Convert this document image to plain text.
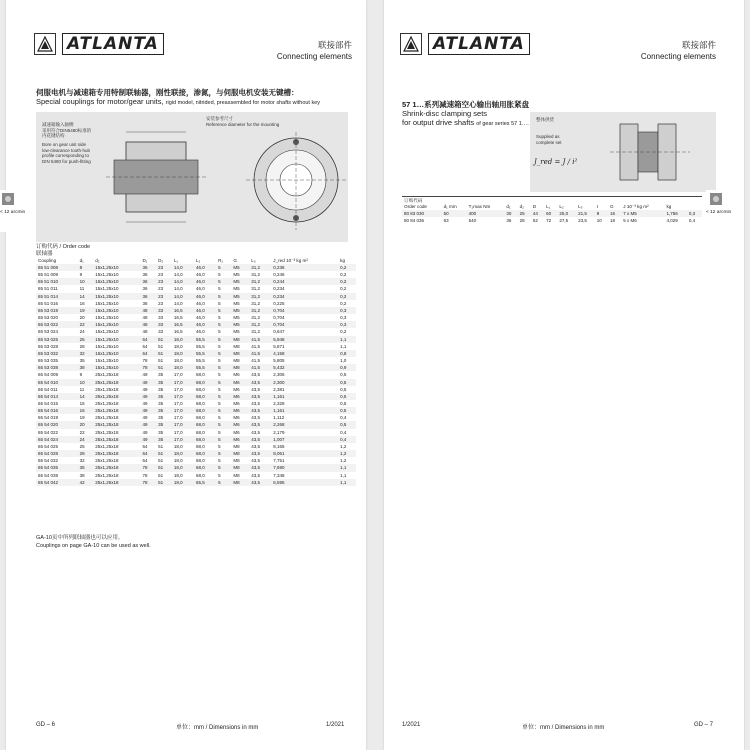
ATLANTA	联接部件
Connecting elements
伺服电机与减速箱专用特制联轴器，刚性联接，渗氮，与伺服电机安装无键槽：
Special couplings for motor/gear units, rigid model, nitrided, preassembled for motor shafts without key
减速箱输入轴侧
采用符合DIN5480标准的
内花键结构
Bore on gear unit side
low-clearance tooth-hub
profile corresponding to
DIN 5480 for push-fitting
安装参考尺寸
Reference diameter for the mounting
< 12 arcmin
订购代码 / Order code
联轴器
Coupling	d₁	d₂	D₁	D₂	L₁	L₂	R₁	G	L₃	J_red 10⁻³ kg m²	kg
65 51 008	8	15x1,25x10	36	23	14,0	46,0	5	M5	31,2	0,236	0,2
65 51 009	9	15x1,25x10	36	23	14,0	46,0	5	M5	31,2	0,246	0,2
65 51 010	10	15x1,25x10	36	23	14,0	46,0	5	M5	31,2	0,244	0,2
65 51 011	11	15x1,25x10	36	23	14,0	46,0	5	M5	31,2	0,234	0,2
65 51 014	14	15x1,25x10	36	23	14,0	46,0	5	M5	31,2	0,234	0,2
65 51 016	16	15x1,25x10	36	23	14,0	46,0	5	M5	31,2	0,225	0,2
65 53 019	19	15x1,25x10	48	33	16,5	46,0	5	M5	31,2	0,704	0,3
65 53 020	20	15x1,25x10	48	33	16,5	46,0	5	M5	31,2	0,704	0,3
65 53 022	22	15x1,25x10	48	33	16,5	46,0	5	M5	31,2	0,704	0,3
65 53 024	24	15x1,25x10	48	33	16,5	46,0	5	M5	31,2	0,647	0,2
65 53 025	25	15x1,25x10	64	51	18,0	55,5	5	M8	41,5	5,948	1,1
65 53 028	28	15x1,25x10	64	51	18,0	55,5	5	M8	41,5	5,871	1,1
65 53 032	32	15x1,25x10	64	51	18,0	55,5	5	M8	41,5	4,158	0,8
65 53 035	35	15x1,25x10	78	51	18,0	55,5	5	M8	41,5	5,805	1,0
65 53 038	38	15x1,25x10	78	51	18,0	55,5	5	M8	41,5	5,432	0,9
65 54 009	9	25x1,25x18	49	35	17,0	68,0	5	M6	43,5	2,306	0,5
65 54 010	10	25x1,25x18	49	35	17,0	68,0	5	M6	43,5	2,300	0,5
65 54 011	11	25x1,25x18	49	35	17,0	68,0	5	M6	43,5	2,381	0,5
65 54 014	14	25x1,25x18	49	35	17,0	68,0	5	M6	43,5	1,161	0,5
65 54 015	15	25x1,25x18	49	35	17,0	68,0	5	M6	43,5	2,328	0,5
65 54 016	16	25x1,25x18	49	35	17,0	68,0	5	M6	43,5	1,161	0,5
65 54 019	19	25x1,25x18	49	35	17,0	68,0	5	M6	43,5	1,112	0,4
65 54 020	20	25x1,25x18	49	35	17,0	68,0	5	M6	43,5	2,268	0,5
65 54 022	22	25x1,25x18	49	35	17,0	68,0	5	M6	43,5	2,179	0,4
65 54 024	24	25x1,25x18	49	35	17,0	68,0	5	M6	43,5	1,007	0,4
65 54 025	25	25x1,25x18	64	51	18,0	68,0	5	M8	43,5	8,165	1,2
65 54 028	28	25x1,25x18	64	51	18,0	68,0	5	M8	43,5	8,061	1,2
65 54 032	32	25x1,25x18	64	51	18,0	68,0	5	M8	43,5	7,751	1,2
65 54 035	35	25x1,25x18	78	51	18,0	68,0	5	M8	43,5	7,690	1,1
65 54 038	38	25x1,25x18	78	51	18,0	68,0	5	M8	43,5	7,348	1,1
65 54 042	42	25x1,25x18	78	51	18,0	65,5	5	M8	43,5	6,595	1,1
GA-10页中所列联轴器也可以应用。
Couplings on page GA-10 can be used as well.
GD – 6	单位：mm / Dimensions in mm	1/2021
ATLANTA	联接部件
Connecting elements
57 1…系列减速箱空心输出轴用胀紧盘
Shrink-disc clamping sets
for output drive shafts of gear series 57 1….
整体供货
Supplied as
complete set
J_red = J / i²
< 12 arcmin
订购代码
Order code	d₁ mm	T₂max Nm	d₁	d₂	D	L₁	L₂	L₃	I	G	J 10⁻³ kg m²	kg	
80 83 030	50	400	30	25	44	60	25,0	21,5	9	16	7 x M5	1,756	0,3
80 84 036	63	540	36	28	52	72	27,5	23,5	10	18	5 x M6	4,029	0,4
1/2021	单位：mm / Dimensions in mm	GD – 7
